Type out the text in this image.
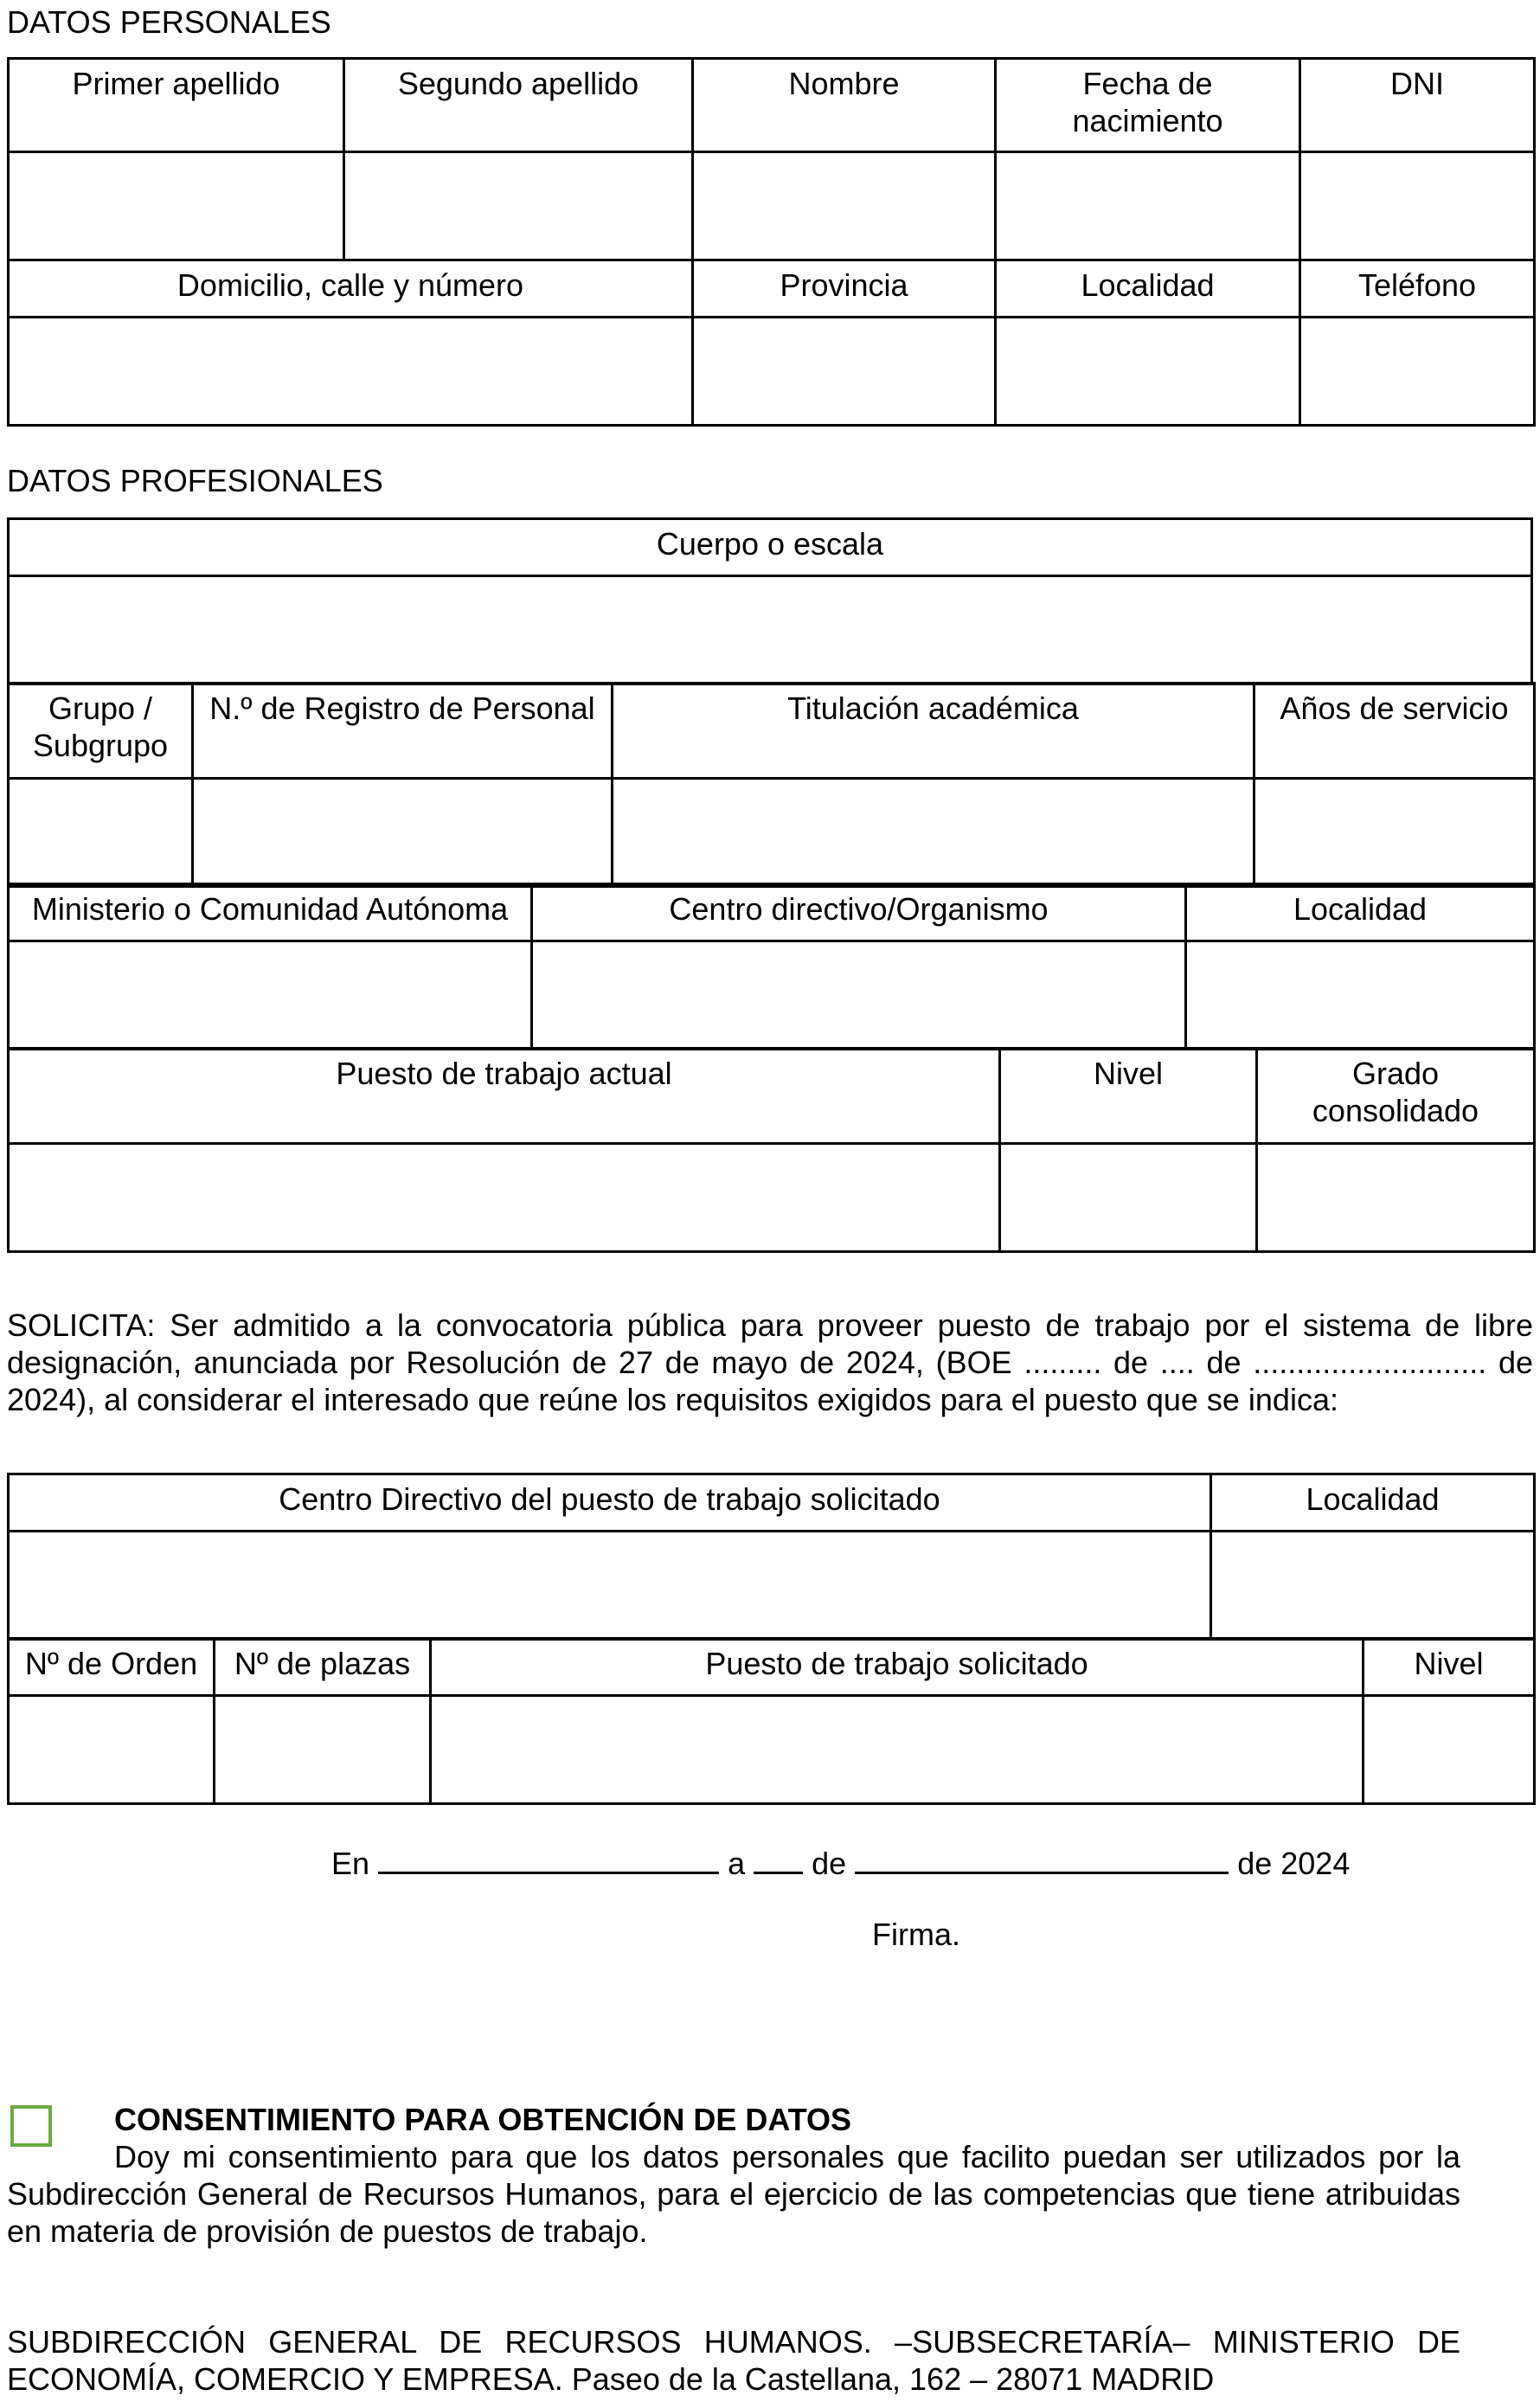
DATOS PERSONALES
Primer apellido	Segundo apellido	Nombre	Fecha de nacimiento	DNI

Domicilio, calle y número		Provincia	Localidad	Teléfono

DATOS PROFESIONALES
Cuerpo o escala

Grupo / Subgrupo	N.º de Registro de Personal	Titulación académica	Años de servicio

Ministerio o Comunidad Autónoma	Centro directivo/Organismo	Localidad

Puesto de trabajo actual	Nivel	Grado consolidado

SOLICITA: Ser admitido a la convocatoria pública para proveer puesto de trabajo por el sistema de libre designación, anunciada por Resolución de 27 de mayo de 2024, (BOE ......... de .... de ........................... de 2024), al considerar el interesado que reúne los requisitos exigidos para el puesto que se indica:
Centro Directivo del puesto de trabajo solicitado	Localidad

Nº de Orden	Nº de plazas	Puesto de trabajo solicitado	Nivel

En	a de	de 2024
Firma.
CONSENTIMIENTO PARA OBTENCIÓN DE DATOS
Doy mi consentimiento para que los datos personales que facilito puedan ser utilizados por la Subdirección General de Recursos Humanos, para el ejercicio de las competencias que tiene atribuidas en materia de provisión de puestos de trabajo.
SUBDIRECCIÓN GENERAL DE RECURSOS HUMANOS. –SUBSECRETARÍA– MINISTERIO DE ECONOMÍA, COMERCIO Y EMPRESA. Paseo de la Castellana, 162 – 28071 MADRID
